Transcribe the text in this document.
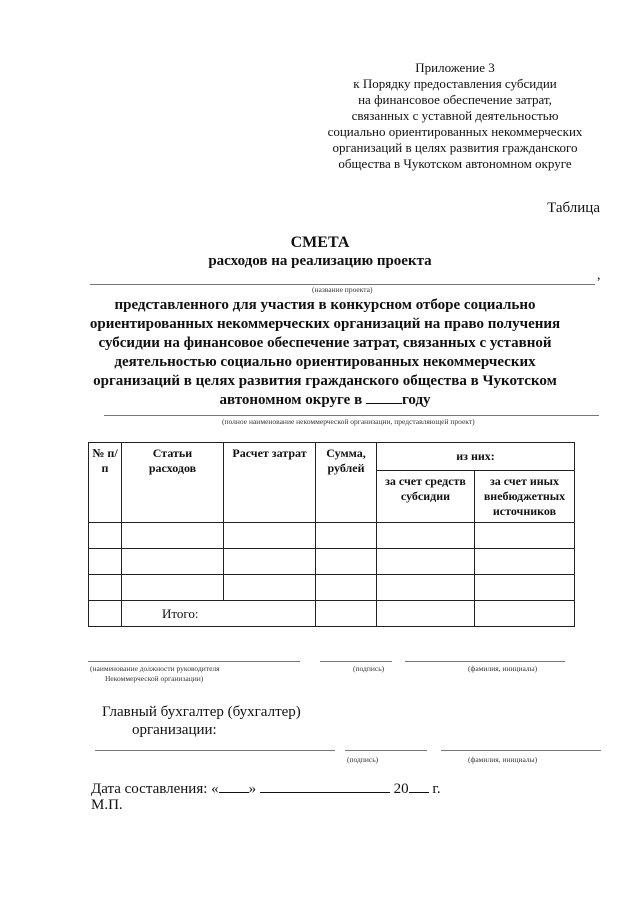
Приложение 3
к Порядку предоставления субсидии
на финансовое обеспечение затрат,
связанных с уставной деятельностью
социально ориентированных некоммерческих
организаций в целях развития гражданского
общества в Чукотском автономном округе
Таблица
СМЕТА
расходов на реализацию проекта
,
(название проекта)
представленного для участия в конкурсном отборе социально
ориентированных некоммерческих организаций на право получения
субсидии на финансовое обеспечение затрат, связанных с уставной
деятельностью социально ориентированных некоммерческих
организаций в целях развития гражданского общества в Чукотском
автономном округе в году
(полное наименование некоммерческой организации, представляющей проект)
№ п/п	Статьи расходов	Расчет затрат	Сумма, рублей	из них:	
				за счет средств субсидии	за счет иных внебюджетных источников

	Итого:				
(наименование должности руководителя
Некоммерческой организации)
(подпись)	(фамилия, инициалы)
Главный бухгалтер (бухгалтер)
организации:
(подпись)	(фамилия, инициалы)
Дата составления: « »	20 г.
М.П.
